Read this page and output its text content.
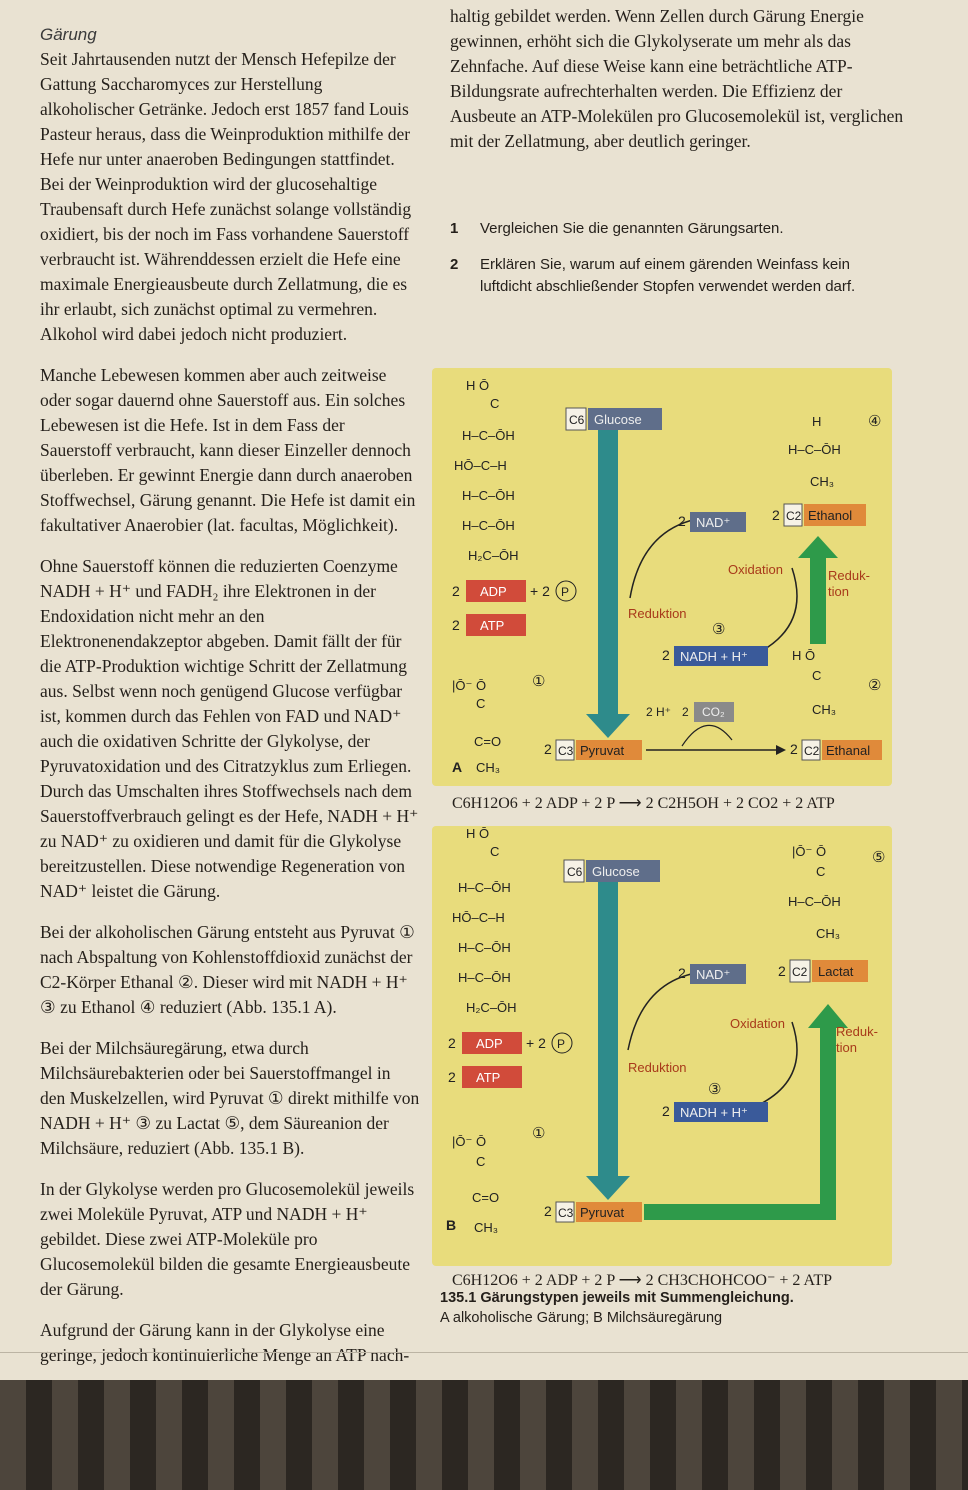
Gärung

Seit Jahrtausenden nutzt der Mensch Hefepilze der Gattung Saccharomyces zur Herstellung alkoholischer Getränke. Jedoch erst 1857 fand Louis Pasteur heraus, dass die Weinproduktion mithilfe der Hefe nur unter anaeroben Bedingungen stattfindet. Bei der Weinproduktion wird der glucosehaltige Traubensaft durch Hefe zunächst solange vollständig oxidiert, bis der noch im Fass vorhandene Sauerstoff verbraucht ist. Währenddessen erzielt die Hefe eine maximale Energieausbeute durch Zellatmung, die es ihr erlaubt, sich zunächst optimal zu vermehren. Alkohol wird dabei jedoch nicht produziert.

Manche Lebewesen kommen aber auch zeitweise oder sogar dauernd ohne Sauerstoff aus. Ein solches Lebewesen ist die Hefe. Ist in dem Fass der Sauerstoff verbraucht, kann dieser Einzeller dennoch überleben. Er gewinnt Energie dann durch anaeroben Stoffwechsel, Gärung genannt. Die Hefe ist damit ein fakultativer Anaerobier (lat. facultas, Möglichkeit).

Ohne Sauerstoff können die reduzierten Coenzyme NADH + H⁺ und FADH₂ ihre Elektronen in der Endoxidation nicht mehr an den Elektronenendakzeptor abgeben. Damit fällt der für die ATP-Produktion wichtige Schritt der Zellatmung aus. Selbst wenn noch genügend Glucose verfügbar ist, kommen durch das Fehlen von FAD und NAD⁺ auch die oxidativen Schritte der Glykolyse, der Pyruvatoxidation und des Citratzyklus zum Erliegen. Durch das Umschalten ihres Stoffwechsels nach dem Sauerstoffverbrauch gelingt es der Hefe, NADH + H⁺ zu NAD⁺ zu oxidieren und damit für die Glykolyse bereitzustellen. Diese notwendige Regeneration von NAD⁺ leistet die Gärung.

Bei der alkoholischen Gärung entsteht aus Pyruvat ① nach Abspaltung von Kohlenstoffdioxid zunächst der C2-Körper Ethanal ②. Dieser wird mit NADH + H⁺ ③ zu Ethanol ④ reduziert (Abb. 135.1 A).

Bei der Milchsäuregärung, etwa durch Milchsäurebakterien oder bei Sauerstoffmangel in den Muskelzellen, wird Pyruvat ① direkt mithilfe von NADH + H⁺ ③ zu Lactat ⑤, dem Säureanion der Milchsäure, reduziert (Abb. 135.1 B).

In der Glykolyse werden pro Glucosemolekül jeweils zwei Moleküle Pyruvat, ATP und NADH + H⁺ gebildet. Diese zwei ATP-Moleküle pro Glucosemolekül bilden die gesamte Energieausbeute der Gärung.

Aufgrund der Gärung kann in der Glykolyse eine geringe, jedoch kontinuierliche Menge an ATP nach-

haltig gebildet werden. Wenn Zellen durch Gärung Energie gewinnen, erhöht sich die Glykolyserate um mehr als das Zehnfache. Auf diese Weise kann eine beträchtliche ATP-Bildungsrate aufrechterhalten werden. Die Effizienz der Ausbeute an ATP-Molekülen pro Glucosemolekül ist, verglichen mit der Zellatmung, aber deutlich geringer.

1	Vergleichen Sie die genannten Gärungsarten.
2	Erklären Sie, warum auf einem gärenden Weinfass kein luftdicht abschließender Stopfen verwendet werden darf.
H Ō
C
H–C–ŌH
HŌ–C–H
H–C–ŌH
H–C–ŌH
H₂C–ŌH
C6 Glucose
2 ADP + 2 P
2 ATP
|Ō⁻ Ō
C
C=O
CH₃
A
2 C3 Pyruvat
2 H⁺ 2 CO₂
2 C2 Ethanal
H Ō
C
CH₃
②
H
H–C–ŌH
CH₃
④
2 C2 Ethanol
Reduk-
tion
2 NAD⁺
Oxidation
Reduktion
③
2 NADH + H⁺
①
C6H12O6 + 2 ADP + 2 P ⟶ 2 C2H5OH + 2 CO2 + 2 ATP
H Ō
C
H–C–ŌH
HŌ–C–H
H–C–ŌH
H–C–ŌH
H₂C–ŌH
C6 Glucose
2 ADP + 2 P
2 ATP
|Ō⁻ Ō
C
C=O
CH₃
①
B
2 C3 Pyruvat
Reduk-
tion
|Ō⁻ Ō
C
H–C–ŌH
CH₃
⑤
2 C2 Lactat
2 NAD⁺
Oxidation
Reduktion
③
2 NADH + H⁺
C6H12O6 + 2 ADP + 2 P ⟶ 2 CH3CHOHCOO⁻ + 2 ATP
135.1 Gärungstypen jeweils mit Summengleichung.
A alkoholische Gärung; B Milchsäuregärung
